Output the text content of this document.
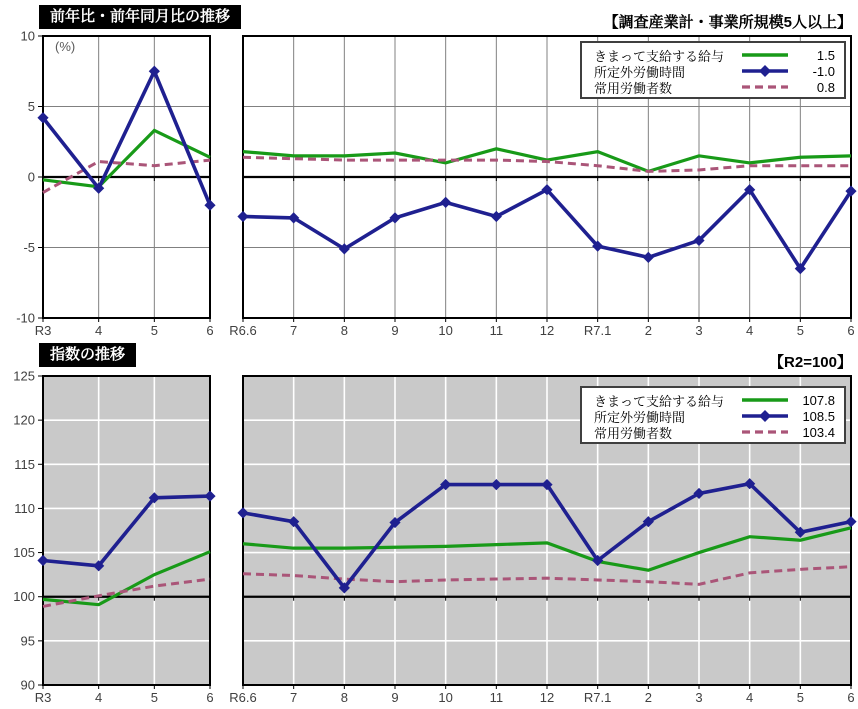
前年比・前年同月比の推移	【調査産業計・事業所規模5人以上】
10
5
0
-5
-10
R3	4	5	6 R6.6	7	8	9	10	11	12 R7.1	2	3	4	5	6
(%)
きまって支給する給与	1.5
所定外労働時間	-1.0
常用労働者数	0.8
指数の推移	【R2=100】
125
120
115
110
105
100
95
90
R3	4	5	6 R6.6	7	8	9	10	11	12 R7.1	2	3	4	5	6
きまって支給する給与	107.8
所定外労働時間	108.5
常用労働者数	103.4
